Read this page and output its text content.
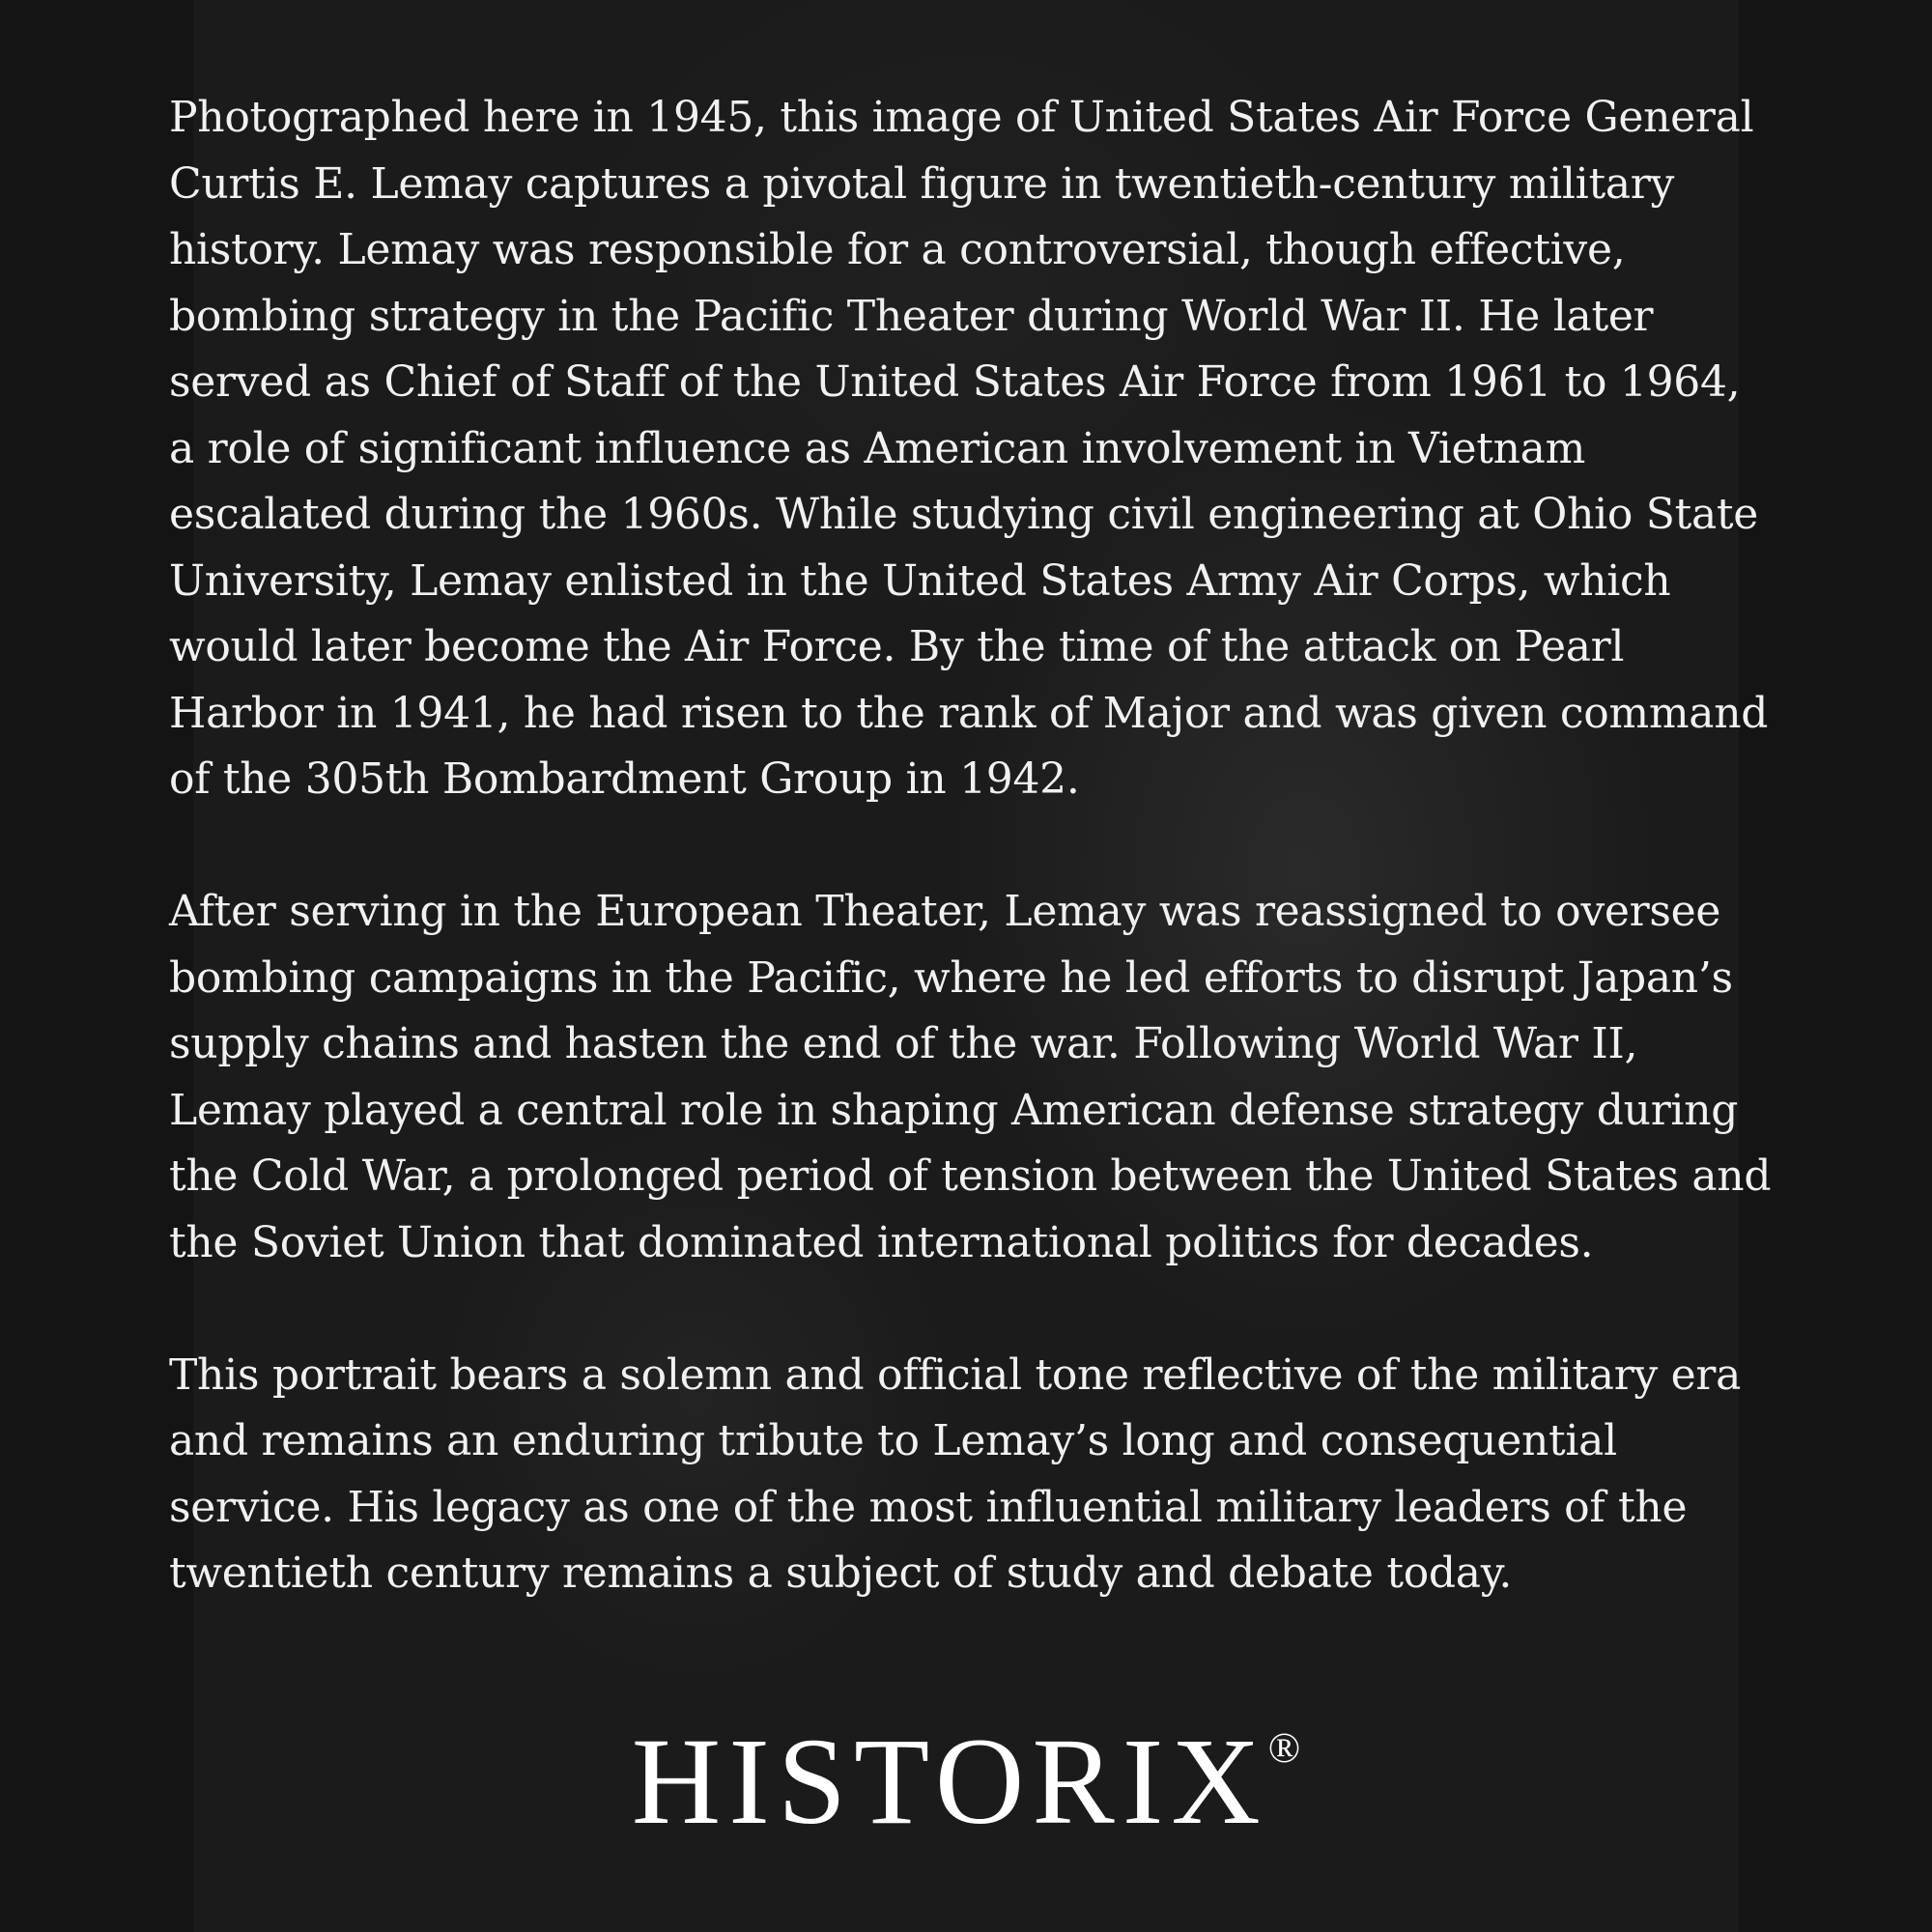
Photographed here in 1945, this image of United States Air Force General Curtis E. Lemay captures a pivotal figure in twentieth-century military history. Lemay was responsible for a controversial, though effective, bombing strategy in the Pacific Theater during World War II. He later served as Chief of Staff of the United States Air Force from 1961 to 1964, a role of significant influence as American involvement in Vietnam escalated during the 1960s. While studying civil engineering at Ohio State University, Lemay enlisted in the United States Army Air Corps, which would later become the Air Force. By the time of the attack on Pearl Harbor in 1941, he had risen to the rank of Major and was given command of the 305th Bombardment Group in 1942.

After serving in the European Theater, Lemay was reassigned to oversee bombing campaigns in the Pacific, where he led efforts to disrupt Japan’s supply chains and hasten the end of the war. Following World War II, Lemay played a central role in shaping American defense strategy during the Cold War, a prolonged period of tension between the United States and the Soviet Union that dominated international politics for decades.

This portrait bears a solemn and official tone reflective of the military era and remains an enduring tribute to Lemay’s long and consequential service. His legacy as one of the most influential military leaders of the twentieth century remains a subject of study and debate today.

HISTORIX®
